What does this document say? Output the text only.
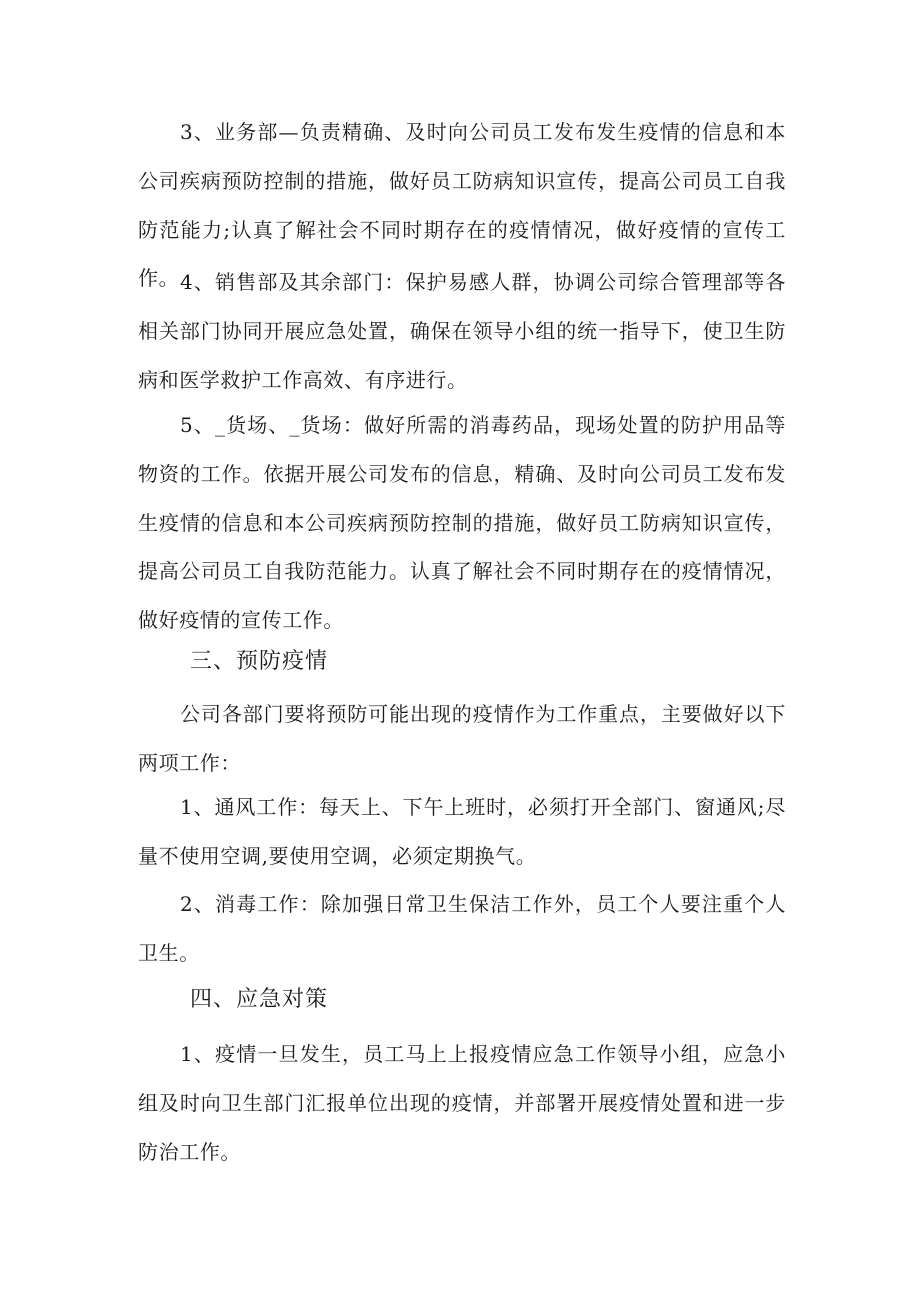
3、业务部—负责精确、及时向公司员工发布发生疫情的信息和本公司疾病预防控制的措施，做好员工防病知识宣传，提高公司员工自我防范能力;认真了解社会不同时期存在的疫情情况，做好疫情的宣传工作。 4、销售部及其余部门：保护易感人群，协调公司综合管理部等各相关部门协同开展应急处置，确保在领导小组的统一指导下，使卫生防病和医学救护工作高效、有序进行。

5、_货场、_货场：做好所需的消毒药品，现场处置的防护用品等物资的工作。依据开展公司发布的信息，精确、及时向公司员工发布发生疫情的信息和本公司疾病预防控制的措施，做好员工防病知识宣传，提高公司员工自我防范能力。认真了解社会不同时期存在的疫情情况，做好疫情的宣传工作。

三、预防疫情

公司各部门要将预防可能出现的疫情作为工作重点，主要做好以下两项工作：

1、通风工作：每天上、下午上班时，必须打开全部门、窗通风;尽量不使用空调,要使用空调，必须定期换气。

2、消毒工作：除加强日常卫生保洁工作外，员工个人要注重个人卫生。

四、应急对策

1、疫情一旦发生，员工马上上报疫情应急工作领导小组，应急小组及时向卫生部门汇报单位出现的疫情，并部署开展疫情处置和进一步防治工作。
